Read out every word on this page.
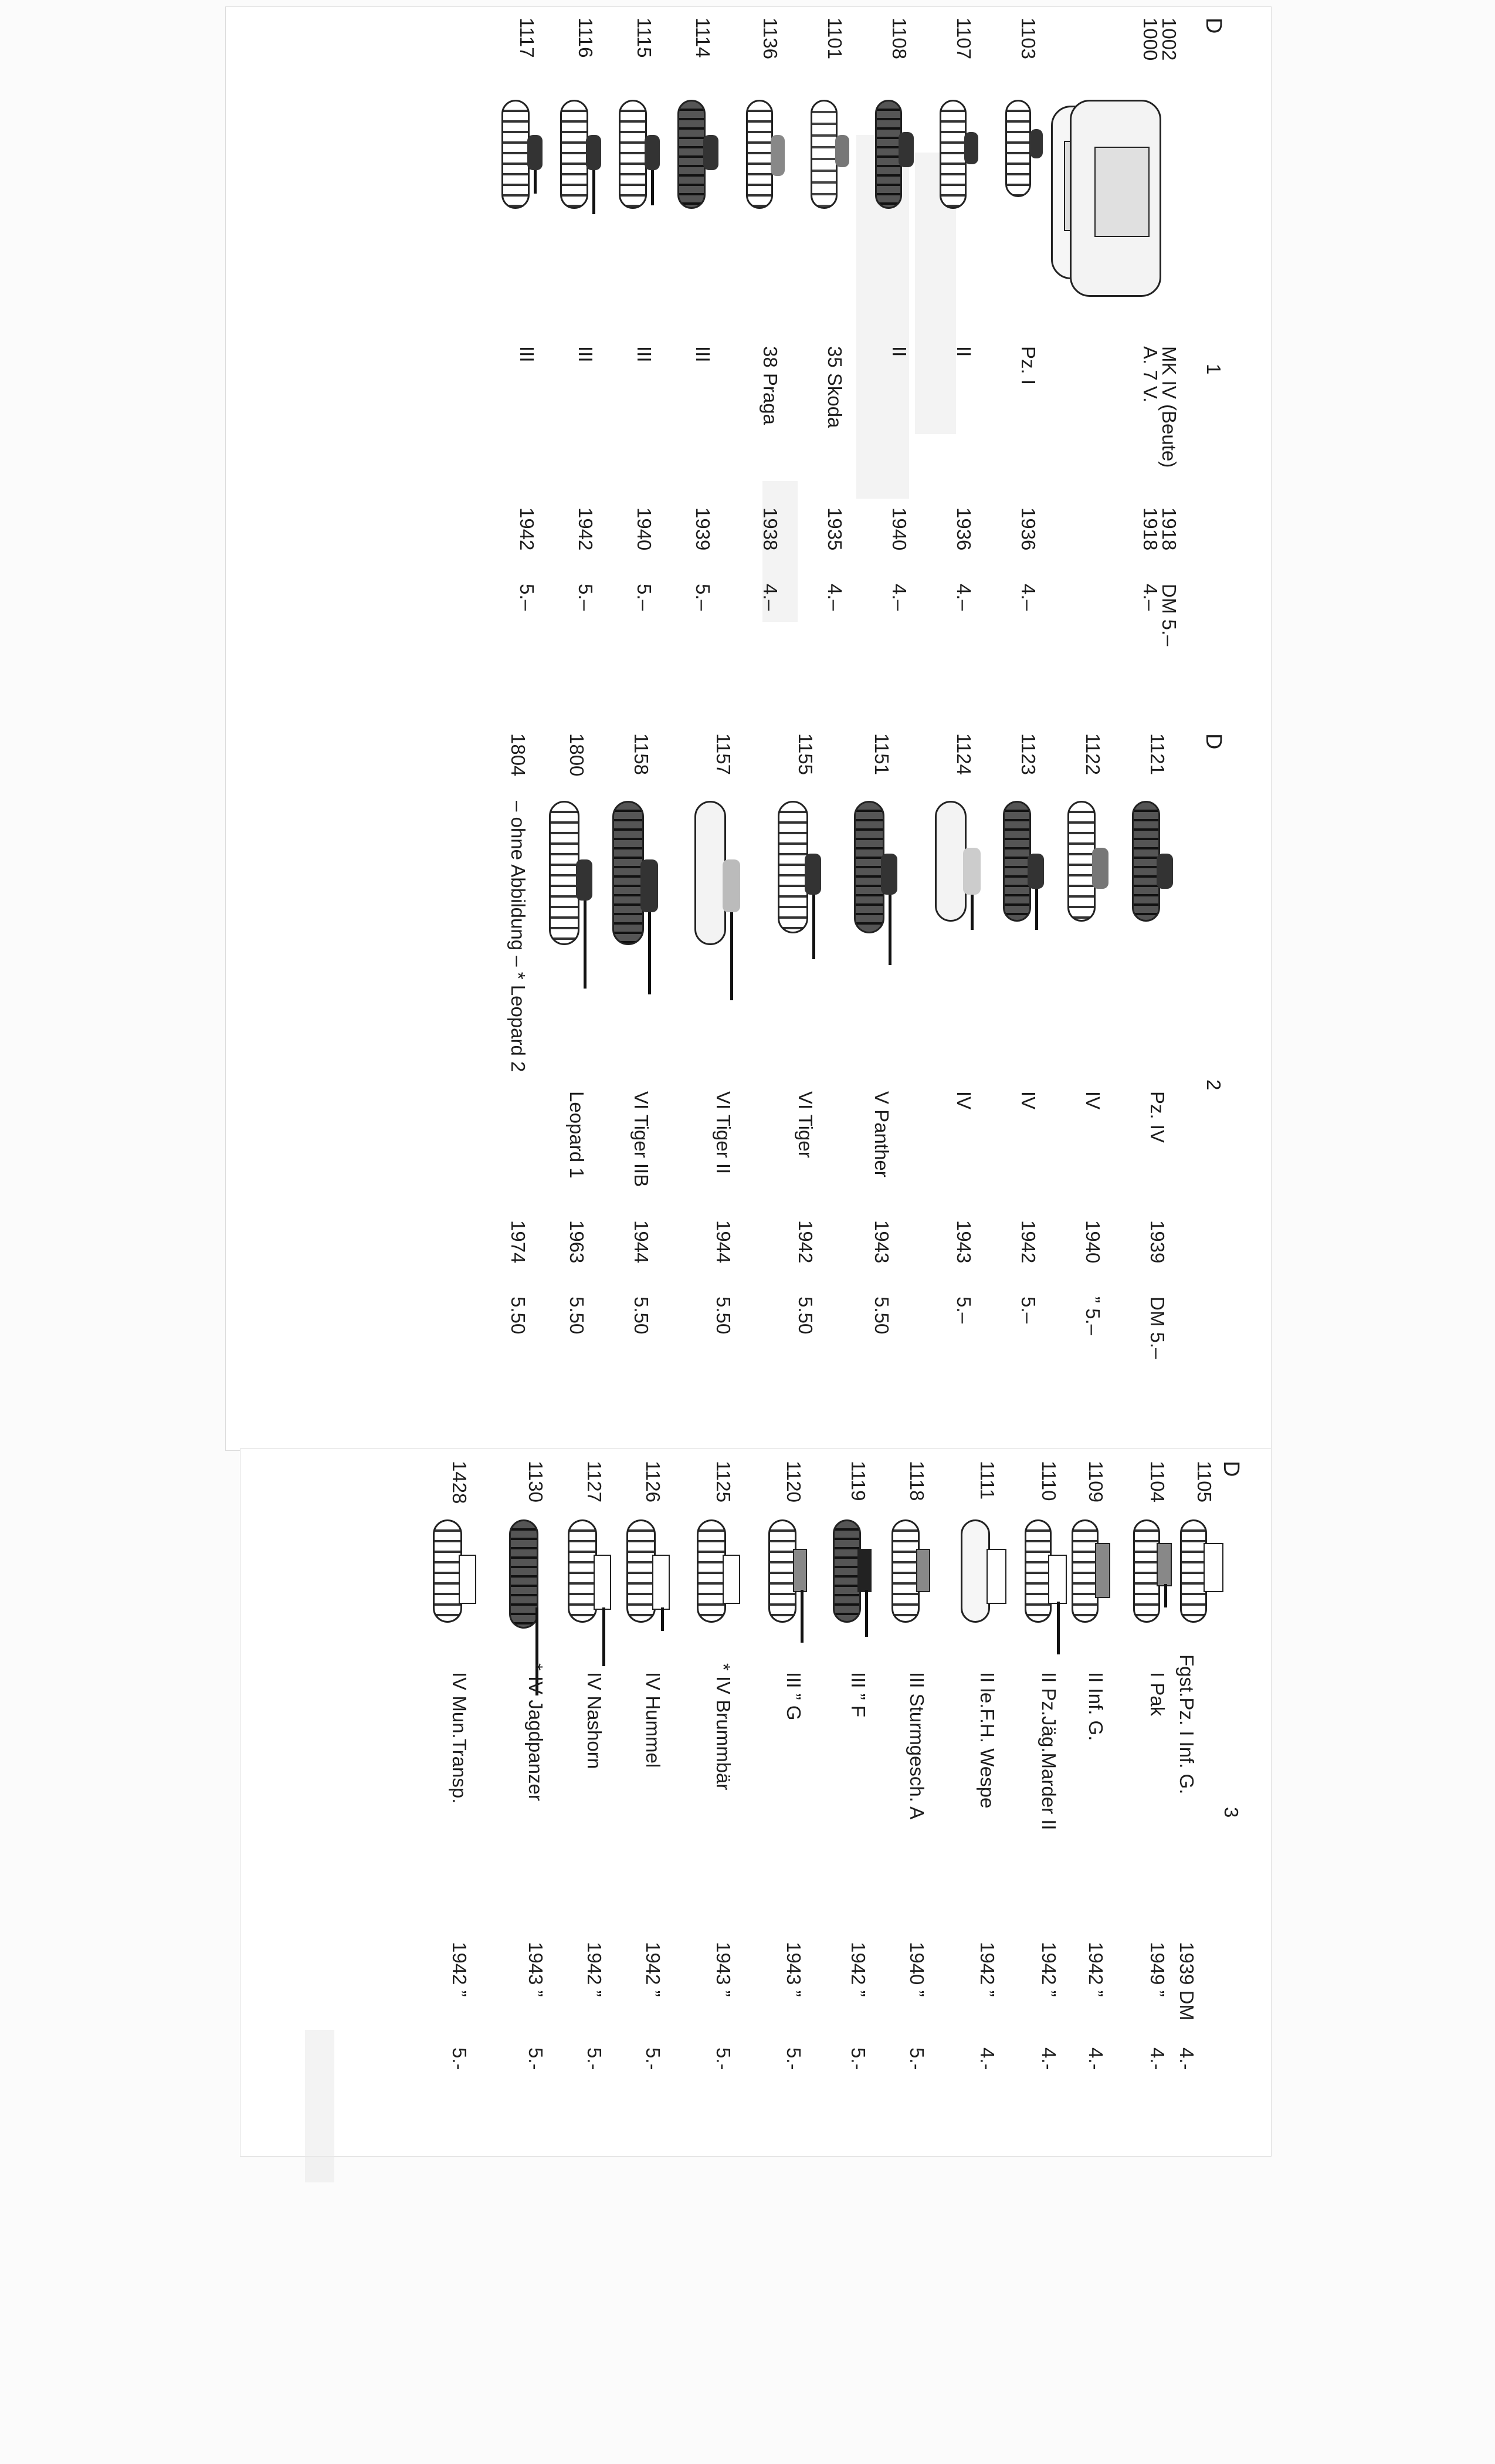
D
1
1002
MK IV (Beute)
1918
DM 5.–
1000
A. 7 V.
1918
4.–
1103
Pz. I
1936
4.–
1107
II
1936
4.–
1108
II
1940
4.–
1101
35 Skoda
1935
4.–
1136
38 Praga
1938
4.–
1114
III
1939
5.–
1115
III
1940
5.–
1116
III
1942
5.–
1117
III
1942
5.–
D
2
1121
Pz. IV
1939
DM 5.–
1122
IV
1940
” 5.–
1123
IV
1942
5.–
1124
IV
1943
5.–
1151
V Panther
1943
5.50
1155
VI Tiger
1942
5.50
1157
VI Tiger II
1944
5.50
1158
VI Tiger IIB
1944
5.50
1800
Leopard 1
1963
5.50
1804
– ohne Abbildung – * Leopard 2
1974
5.50
D
3
1105
Fgst.Pz. I Inf. G.
1939 DM
4.-
1104
I Pak
1949 ”
4.-
1109
II Inf. G.
1942 ”
4.-
1110
II Pz.Jäg.Marder II
1942 ”
4.-
1111
II le.F.H. Wespe
1942 ”
4.-
1118
III Sturmgesch. A
1940 ”
5.-
1119
III ” F
1942 ”
5.-
1120
III ” G
1943 ”
5.-
1125
* IV Brummbär
1943 ”
5.-
1126
IV Hummel
1942 ”
5.-
1127
IV Nashorn
1942 ”
5.-
1130
* IV Jagdpanzer
1943 ”
5.-
1428
IV Mun.Transp.
1942 ”
5.-
